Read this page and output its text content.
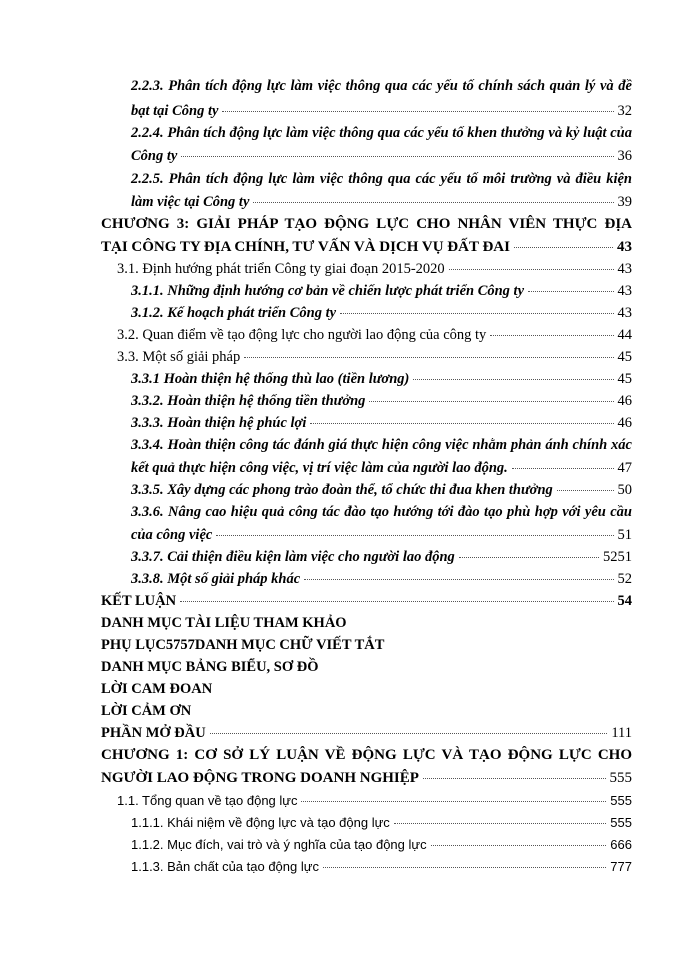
2.2.3. Phân tích động lực làm việc thông qua các yếu tố chính sách quản lý và đề
bạt tại Công ty	32
2.2.4. Phân tích động lực làm việc thông qua các yếu tố khen thưởng và kỷ luật của
Công ty	36
2.2.5. Phân tích động lực làm việc thông qua các yếu tố môi trường và điều kiện
làm việc tại Công ty	39
CHƯƠNG 3: GIẢI PHÁP TẠO ĐỘNG LỰC CHO NHÂN VIÊN THỰC ĐỊA
TẠI CÔNG TY ĐỊA CHÍNH, TƯ VẤN VÀ DỊCH VỤ ĐẤT ĐAI	43
3.1. Định hướng phát triển Công ty giai đoạn 2015-2020	43
3.1.1. Những định hướng cơ bản về chiến lược phát triển Công ty	43
3.1.2. Kế hoạch phát triển Công ty	43
3.2. Quan điểm về tạo động lực cho người lao động của công ty	44
3.3. Một số giải pháp	45
3.3.1 Hoàn thiện hệ thống thù lao (tiền lương)	45
3.3.2. Hoàn thiện hệ thống tiền thưởng	46
3.3.3. Hoàn thiện hệ phúc lợi	46
3.3.4. Hoàn thiện công tác đánh giá thực hiện công việc nhằm phản ánh chính xác
kết quả thực hiện công việc, vị trí việc làm của người lao động.	47
3.3.5. Xây dựng các phong trào đoàn thể, tổ chức thi đua khen thưởng	50
3.3.6. Nâng cao hiệu quả công tác đào tạo hướng tới đào tạo phù hợp với yêu cầu
của công việc	51
3.3.7. Cải thiện điều kiện làm việc cho người lao động	5251
3.3.8. Một số giải pháp khác	52
KẾT LUẬN	54
DANH MỤC TÀI LIỆU THAM KHẢO
PHỤ LỤC5757DANH MỤC CHỮ VIẾT TẮT
DANH MỤC BẢNG BIỂU, SƠ ĐỒ
LỜI CAM ĐOAN
LỜI CẢM ƠN
PHẦN MỞ ĐẦU	111
CHƯƠNG 1: CƠ SỞ LÝ LUẬN VỀ ĐỘNG LỰC VÀ TẠO ĐỘNG LỰC CHO
NGƯỜI LAO ĐỘNG TRONG DOANH NGHIỆP	555
1.1. Tổng quan về tạo động lực	555
1.1.1. Khái niệm về động lực và tạo động lực	555
1.1.2. Mục đích, vai trò và ý nghĩa của tạo động lực	666
1.1.3. Bản chất của tạo động lực	777
